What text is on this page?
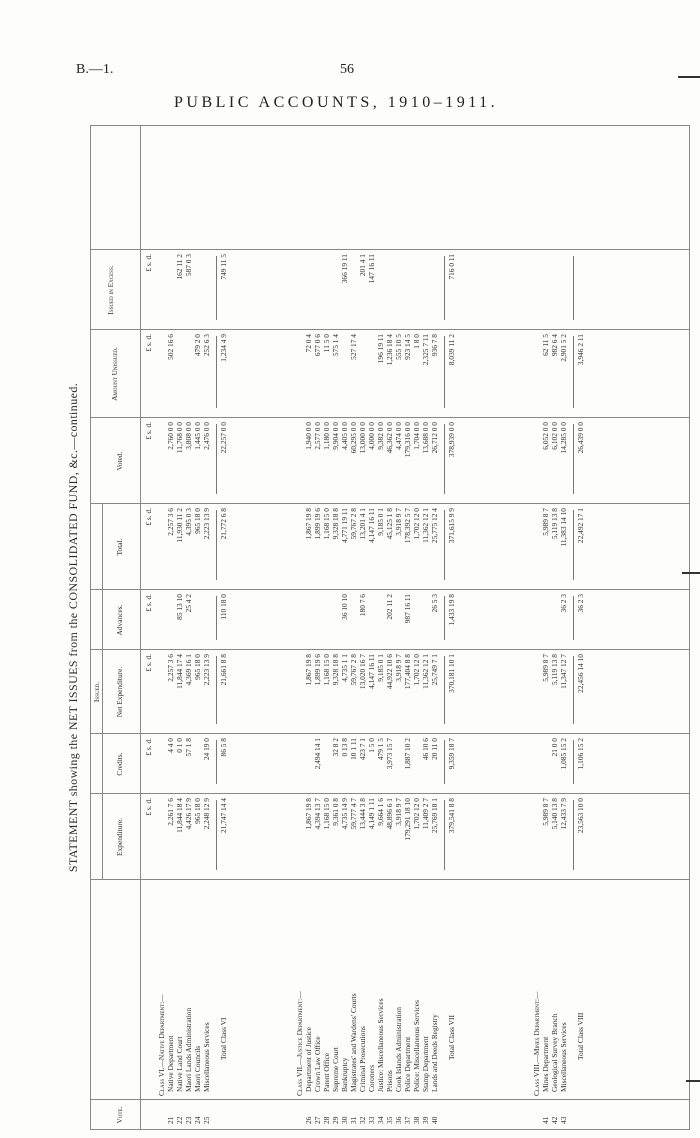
B.—1.	56
PUBLIC ACCOUNTS, 1910–1911.
STATEMENT showing the NET ISSUES from the CONSOLIDATED FUND, &c.—continued.
Vote.
Issued.
Expenditure.
Credits.
Net Expenditure.
Advances.
Total.
Voted.
Amount Unissued.
Issued in Excess.
£ s. d.
£ s. d.
£ s. d.
£ s. d.
£ s. d.
£ s. d.
£ s. d.
£ s. d.
Class VI.—Native Department:—
21
Native Department
2,261 7 6
4 4 0
2,257 3 6
2,257 3 6
2,760 0 0
502 16 6
22
Native Land Court
11,844 18 4
0 1 0
11,844 17 4
85 13 10
11,930 11 2
11,768 0 0
162 11 2
23
Maori Lands Administration
4,426 17 9
57 1 8
4,369 16 1
25 4 2
4,395 0 3
3,808 0 0
587 0 3
24
Maori Councils
965 18 0
965 18 0
965 18 0
1,445 0 0
479 2 0
25
Miscellaneous Services
2,248 12 9
24 19 0
2,223 13 9
2,223 13 9
2,476 0 0
252 6 3
Total Class VI
21,747 14 4
86 5 8
21,661 8 8
110 18 0
21,772 6 8
22,257 0 0
1,234 4 9
749 11 5
Class VII.—Justice Department:—
26
Department of Justice
1,867 19 8
1,867 19 8
1,867 19 8
1,940 0 0
72 0 4
27
Crown Law Office
4,394 13 7
2,494 14 1
1,899 19 6
1,899 19 6
2,577 0 0
677 0 6
28
Patent Office
1,168 15 0
1,168 15 0
1,168 15 0
1,180 0 0
11 5 0
29
Supreme Court
9,361 0 8
32 8 2
9,328 18 8
9,328 18 8
9,904 0 0
575 1 4
30
Bankruptcy
4,735 14 9
0 13 8
4,735 1 1
36 10 10
4,771 19 11
4,405 0 0
366 19 11
31
Magistrates' and Wardens' Courts
59,777 4 7
10 1 11
59,767 2 8
59,767 2 8
60,295 0 0
527 17 4
32
Criminal Prosecutions
13,444 3 8
423 7 1
13,020 16 7
180 7 6
13,201 4 1
13,000 0 0
201 4 1
33
Coroners
4,149 1 11
1 5 0
4,147 16 11
4,147 16 11
4,000 0 0
147 16 11
34
Justice: Miscellaneous Services
9,664 1 6
479 1 5
9,185 0 1
9,185 0 1
9,382 0 0
196 19 11
35
Prisons
48,896 6 1
3,973 15 7
44,922 10 6
202 11 2
45,125 1 8
46,362 0 0
1,236 18 4
36
Cook Islands Administration
3,918 9 7
3,918 9 7
3,918 9 7
4,474 0 0
555 10 5
37
Police Department
179,291 18 10
1,887 10 2
177,404 8 8
987 16 11
178,392 5 7
179,316 0 0
923 14 5
38
Police: Miscellaneous Services
1,702 12 0
1,702 12 0
1,702 12 0
1,704 0 0
1 8 0
39
Stamp Department
11,409 2 7
46 10 6
11,362 12 1
11,362 12 1
13,688 0 0
2,325 7 11
40
Lands and Deeds Registry
25,769 18 1
20 11 0
25,749 7 1
26 5 3
25,775 12 4
26,712 0 0
936 7 8
Total Class VII
379,541 8 8
9,359 18 7
370,181 10 1
1,433 19 8
371,615 9 9
378,939 0 0
8,039 11 2
716 0 11
Class VIII.—Mines Department:—
41
Mines Department
5,989 8 7
5,989 8 7
5,989 8 7
6,052 0 0
62 11 5
42
Geological Survey Branch
5,140 13 8
21 0 0
5,119 13 8
5,119 13 8
6,102 0 0
982 6 4
43
Miscellaneous Services
12,433 7 9
1,085 15 2
11,347 12 7
36 2 3
11,383 14 10
14,285 0 0
2,901 5 2
Total Class VIII
23,563 10 0
1,106 15 2
22,456 14 10
36 2 3
22,492 17 1
26,439 0 0
3,946 2 11
